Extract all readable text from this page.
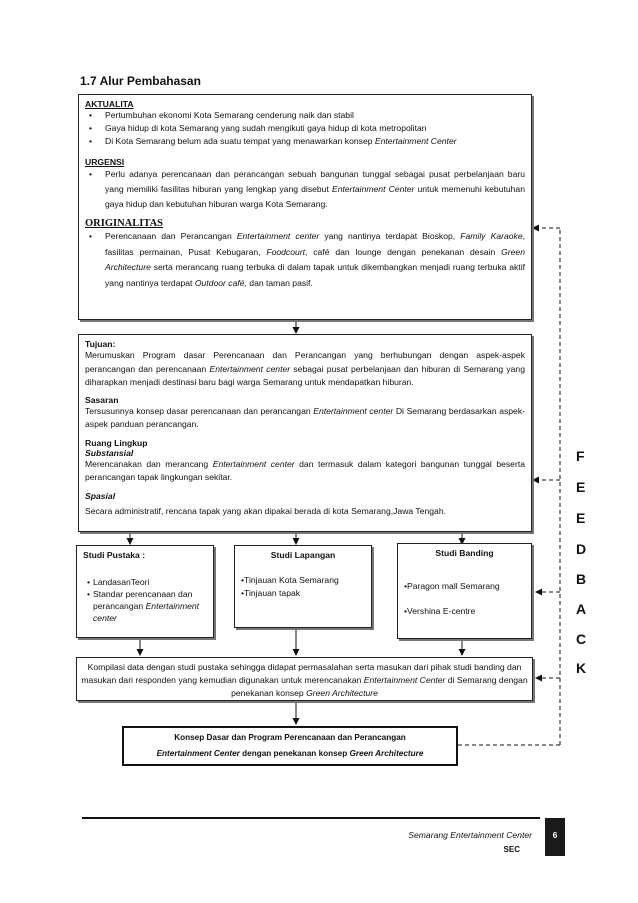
1.7 Alur Pembahasan
AKTUALITA
• Pertumbuhan ekonomi Kota Semarang cenderung naik dan stabil
• Gaya hidup di kota Semarang yang sudah mengikuti gaya hidup di kota metropolitan
• Di Kota Semarang belum ada suatu tempat yang menawarkan konsep Entertainment Center
URGENSI
• Perlu adanya perencanaan dan perancangan sebuah bangunan tunggal sebagai pusat perbelanjaan baru yang memiliki fasilitas hiburan yang lengkap yang disebut Entertainment Center untuk memenuhi kebutuhan gaya hidup dan kebutuhan hiburan warga Kota Semarang.
ORIGINALITAS
• Perencanaan dan Perancangan Entertainment center yang nantinya terdapat Bioskop, Family Karaoke, fasilitas permainan, Pusat Kebugaran, Foodcourt, café dan lounge dengan penekanan desain Green Architecture serta merancang ruang terbuka di dalam tapak untuk dikembangkan menjadi ruang terbuka aktif yang nantinya terdapat Outdoor café, dan taman pasif.
Tujuan:
Merumuskan Program dasar Perencanaan dan Perancangan yang berhubungan dengan aspek-aspek perancangan dan perencanaan Entertainment center sebagai pusat perbelanjaan dan hiburan di Semarang yang diharapkan menjadi destinasi baru bagi warga Semarang untuk mendapatkan hiburan.
Sasaran
Tersusunnya konsep dasar perencanaan dan perancangan Entertainment center Di Semarang berdasarkan aspek-aspek panduan perancangan.
Ruang Lingkup
Substansial
Merencanakan dan merancang Entertainment center dan termasuk dalam kategori bangunan tunggal beserta perancangan tapak lingkungan sekitar.
Spasial
Secara administratif, rencana tapak yang akan dipakai berada di kota Semarang,Jawa Tengah.
Studi Pustaka :
• LandasanTeori
• Standar perencanaan dan perancangan Entertainment center
Studi Lapangan
•Tinjauan Kota Semarang
•Tinjauan tapak
Studi Banding
•Paragon mall Semarang
•Vershina E-centre
Kompilasi data dengan studi pustaka sehingga didapat permasalahan serta masukan dari pihak studi banding dan masukan dari responden yang kemudian digunakan untuk merencanakan Entertainment Center di Semarang dengan penekanan konsep Green Architecture
Konsep Dasar dan Program Perencanaan dan Perancangan
Entertainment Center dengan penekanan konsep Green Architecture
F
E
E
D
B
A
C
K
Semarang Entertainment Center
SEC
6
